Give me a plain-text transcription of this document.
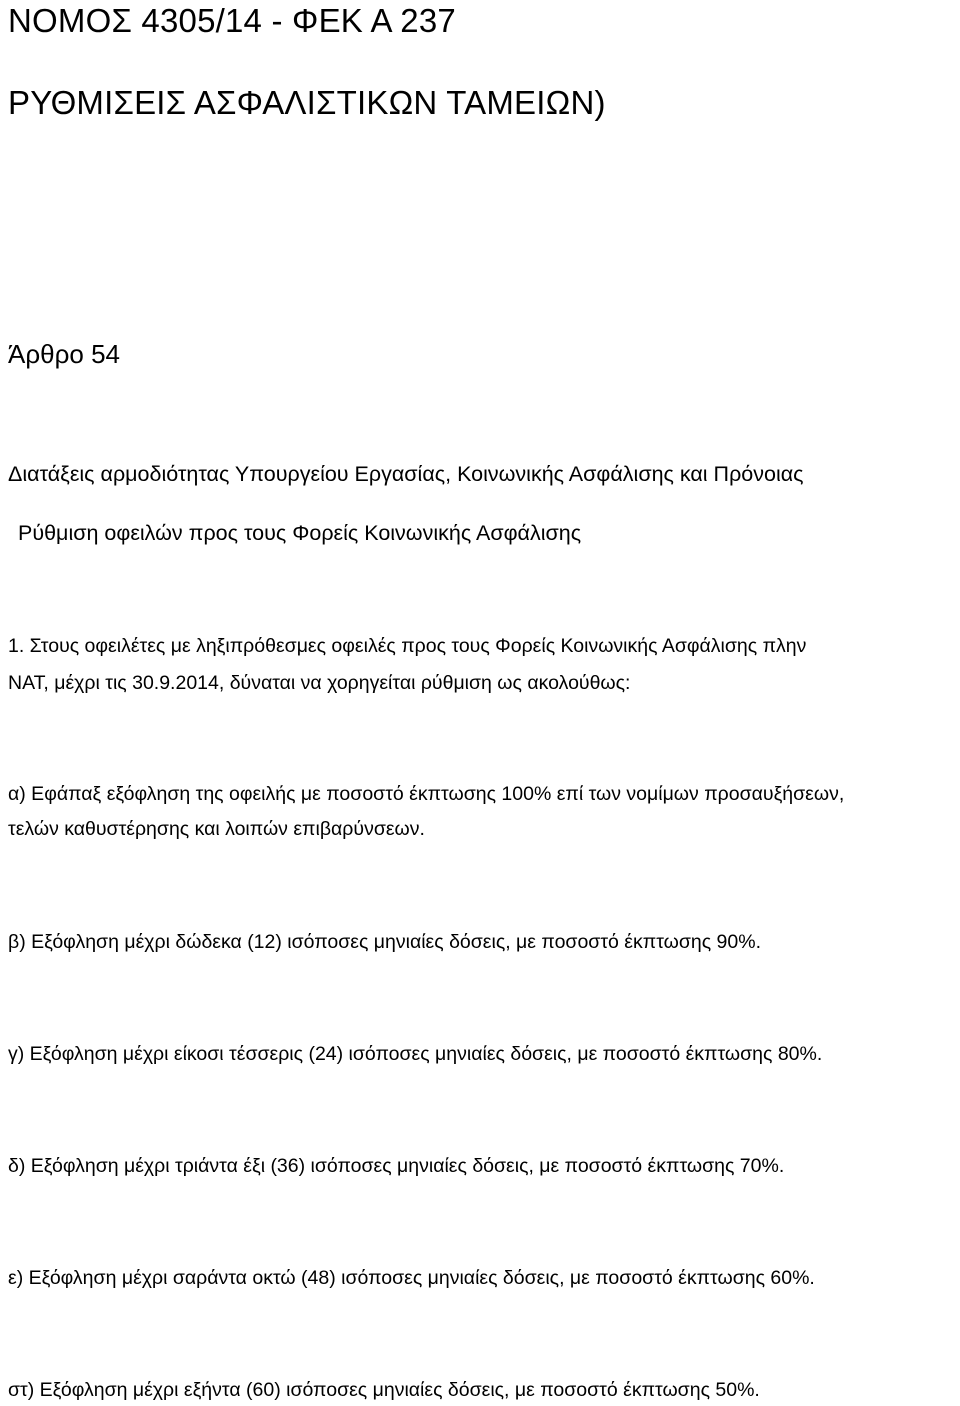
ΝΟΜΟΣ 4305/14 - ΦΕΚ Α 237
ΡΥΘΜΙΣΕΙΣ ΑΣΦΑΛΙΣΤΙΚΩΝ ΤΑΜΕΙΩΝ)
Άρθρο 54
Διατάξεις αρμοδιότητας Υπουργείου Εργασίας, Κοινωνικής Ασφάλισης και Πρόνοιας
Ρύθμιση οφειλών προς τους Φορείς Κοινωνικής Ασφάλισης
1. Στους οφειλέτες με ληξιπρόθεσμες οφειλές προς τους Φορείς Κοινωνικής Ασφάλισης πλην
ΝΑΤ, μέχρι τις 30.9.2014, δύναται να χορηγείται ρύθμιση ως ακολούθως:
α) Εφάπαξ εξόφληση της οφειλής με ποσοστό έκπτωσης 100% επί των νομίμων προσαυξήσεων,
τελών καθυστέρησης και λοιπών επιβαρύνσεων.
β) Εξόφληση μέχρι δώδεκα (12) ισόποσες μηνιαίες δόσεις, με ποσοστό έκπτωσης 90%.
γ) Εξόφληση μέχρι είκοσι τέσσερις (24) ισόποσες μηνιαίες δόσεις, με ποσοστό έκπτωσης 80%.
δ) Εξόφληση μέχρι τριάντα έξι (36) ισόποσες μηνιαίες δόσεις, με ποσοστό έκπτωσης 70%.
ε) Εξόφληση μέχρι σαράντα οκτώ (48) ισόποσες μηνιαίες δόσεις, με ποσοστό έκπτωσης 60%.
στ) Εξόφληση μέχρι εξήντα (60) ισόποσες μηνιαίες δόσεις, με ποσοστό έκπτωσης 50%.
